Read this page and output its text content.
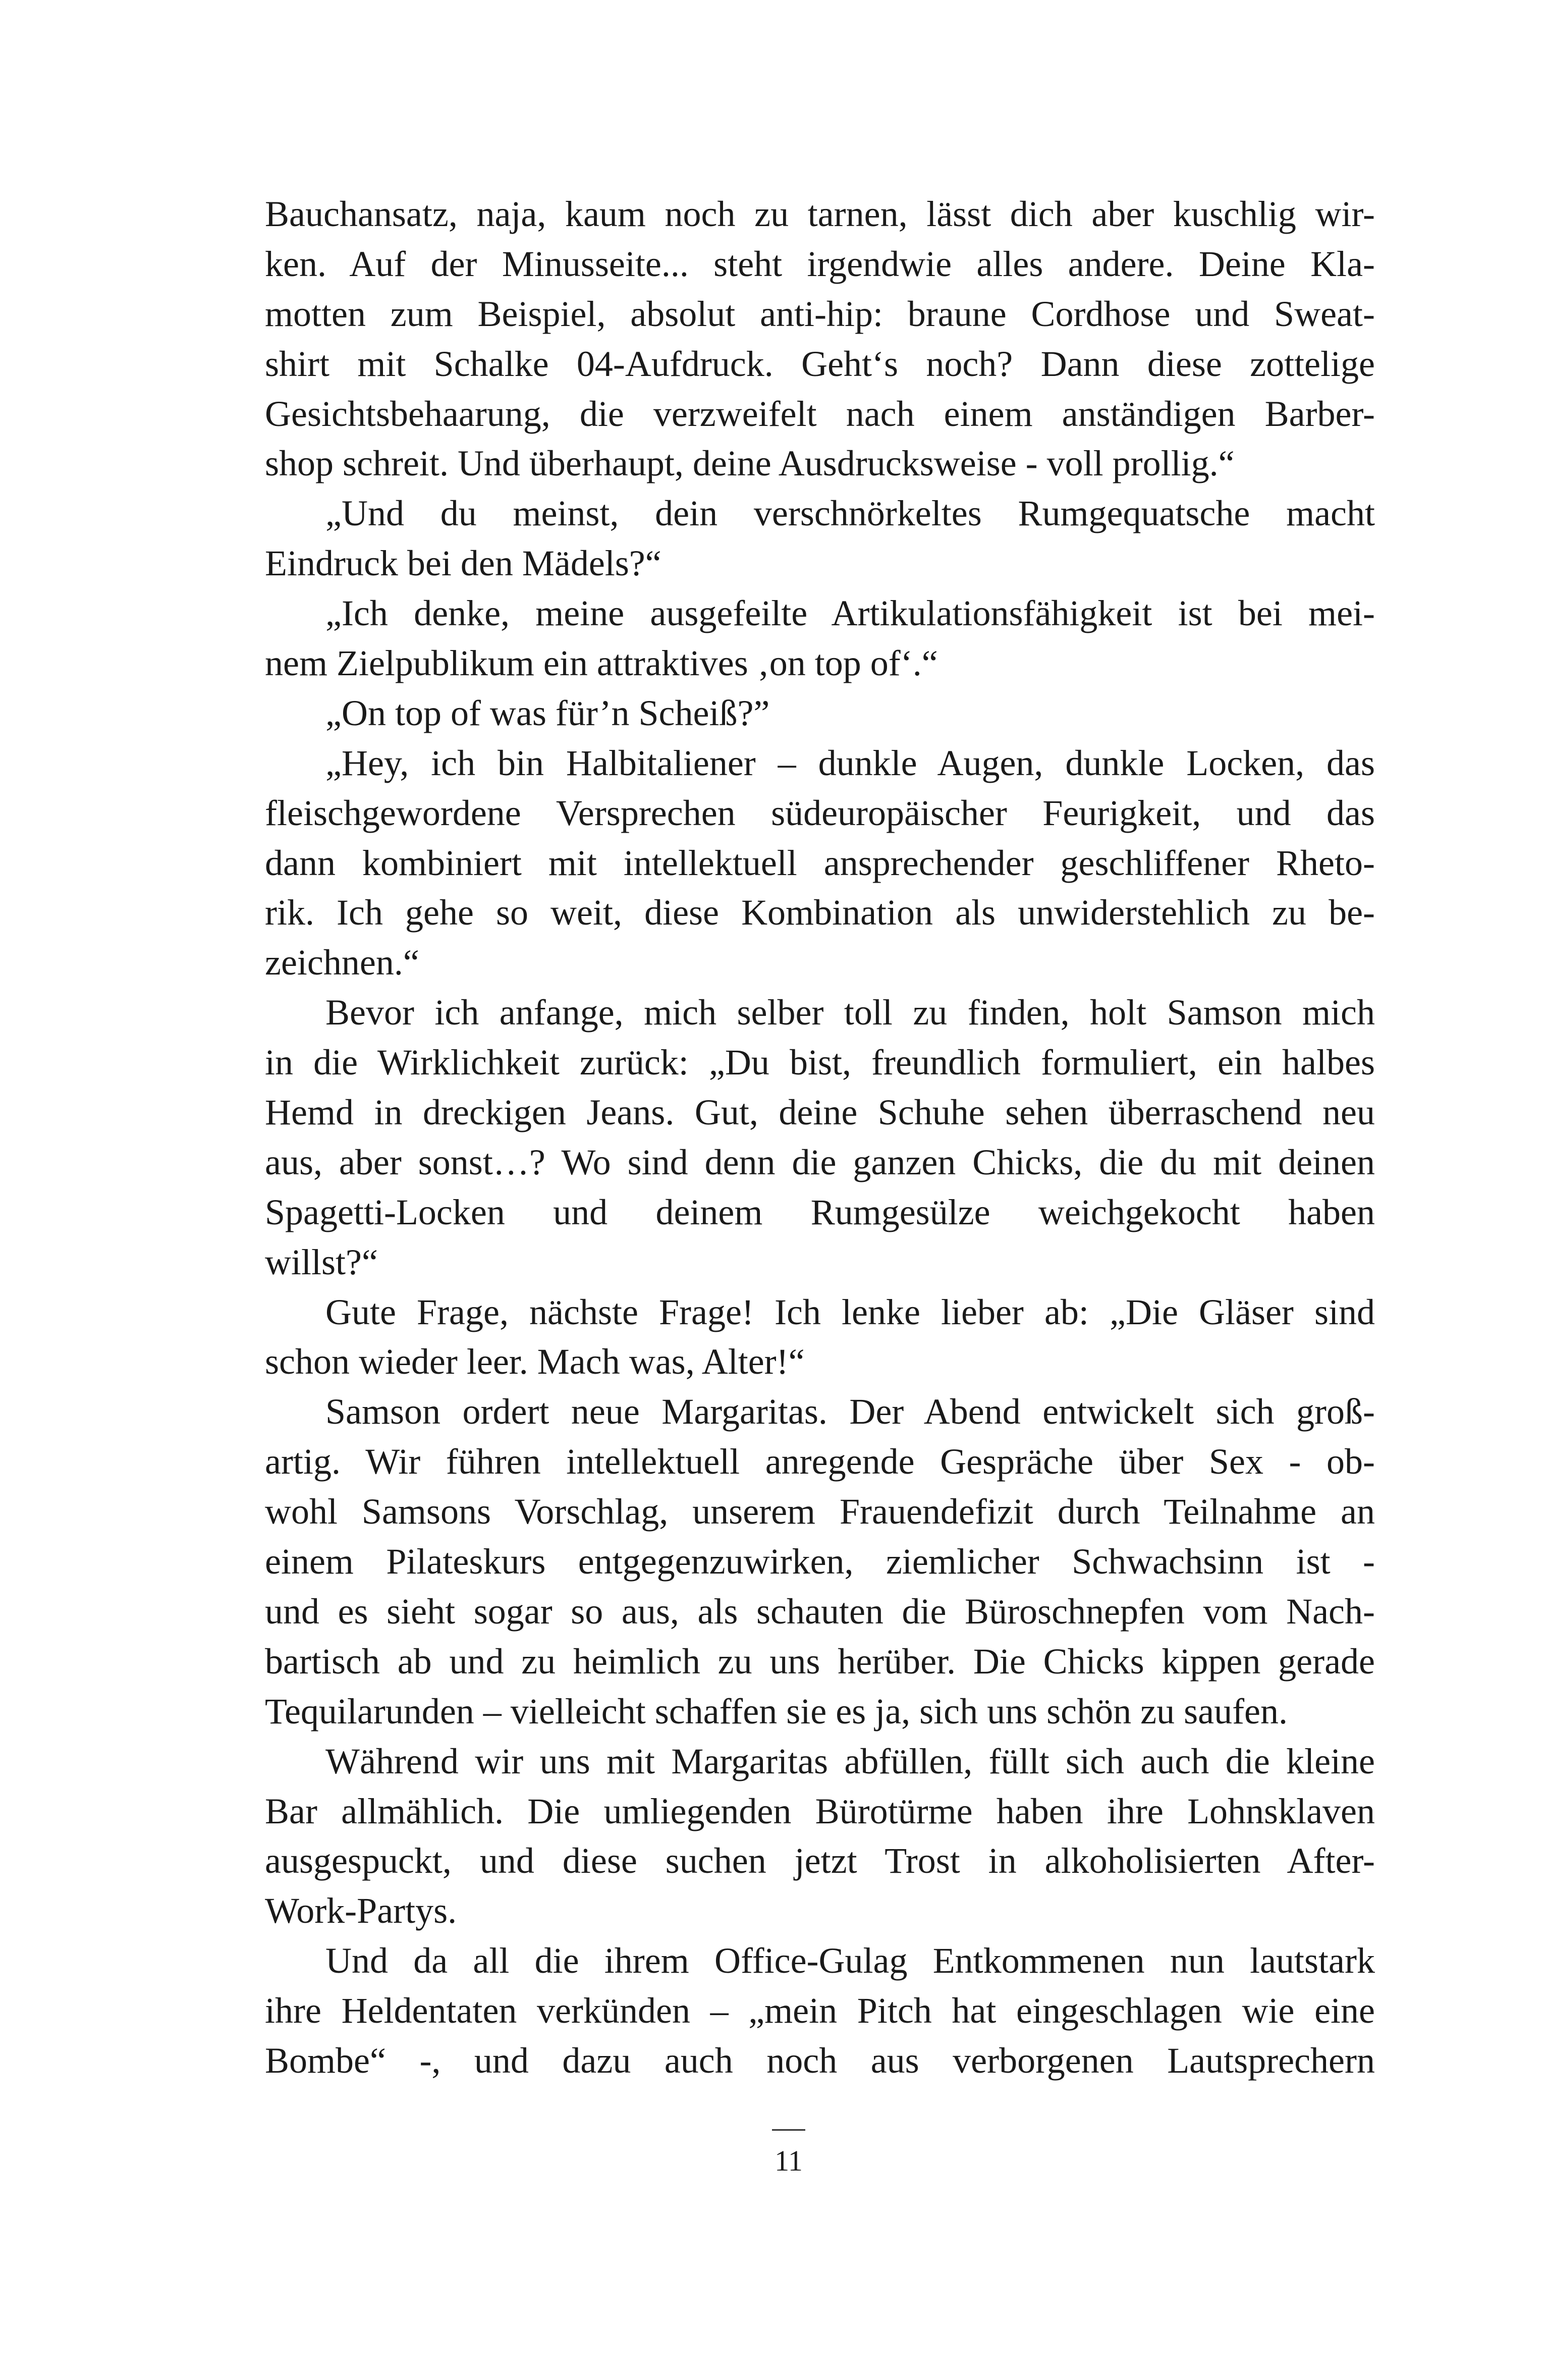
Bauchansatz, naja, kaum noch zu tarnen, lässt dich aber kuschlig wir-
ken. Auf der Minusseite... steht irgendwie alles andere. Deine Kla-
motten zum Beispiel, absolut anti-hip: braune Cordhose und Sweat-
shirt mit Schalke 04-Aufdruck. Geht‘s noch? Dann diese zottelige
Gesichtsbehaarung, die verzweifelt nach einem anständigen Barber-
shop schreit. Und überhaupt, deine Ausdrucksweise - voll prollig.“
„Und du meinst, dein verschnörkeltes Rumgequatsche macht
Eindruck bei den Mädels?“
„Ich denke, meine ausgefeilte Artikulationsfähigkeit ist bei mei-
nem Zielpublikum ein attraktives ‚on top of‘.“
„On top of was für’n Scheiß?”
„Hey, ich bin Halbitaliener – dunkle Augen, dunkle Locken, das
fleischgewordene Versprechen südeuropäischer Feurigkeit, und das
dann kombiniert mit intellektuell ansprechender geschliffener Rheto-
rik. Ich gehe so weit, diese Kombination als unwiderstehlich zu be-
zeichnen.“
Bevor ich anfange, mich selber toll zu finden, holt Samson mich
in die Wirklichkeit zurück: „Du bist, freundlich formuliert, ein halbes
Hemd in dreckigen Jeans. Gut, deine Schuhe sehen überraschend neu
aus, aber sonst…? Wo sind denn die ganzen Chicks, die du mit deinen
Spagetti-Locken und deinem Rumgesülze weichgekocht haben
willst?“
Gute Frage, nächste Frage! Ich lenke lieber ab: „Die Gläser sind
schon wieder leer. Mach was, Alter!“
Samson ordert neue Margaritas. Der Abend entwickelt sich groß-
artig. Wir führen intellektuell anregende Gespräche über Sex - ob-
wohl Samsons Vorschlag, unserem Frauendefizit durch Teilnahme an
einem Pilateskurs entgegenzuwirken, ziemlicher Schwachsinn ist -
und es sieht sogar so aus, als schauten die Büroschnepfen vom Nach-
bartisch ab und zu heimlich zu uns herüber. Die Chicks kippen gerade
Tequilarunden – vielleicht schaffen sie es ja, sich uns schön zu saufen.
Während wir uns mit Margaritas abfüllen, füllt sich auch die kleine
Bar allmählich. Die umliegenden Bürotürme haben ihre Lohnsklaven
ausgespuckt, und diese suchen jetzt Trost in alkoholisierten After-
Work-Partys.
Und da all die ihrem Office-Gulag Entkommenen nun lautstark
ihre Heldentaten verkünden – „mein Pitch hat eingeschlagen wie eine
Bombe“ -, und dazu auch noch aus verborgenen Lautsprechern
11
